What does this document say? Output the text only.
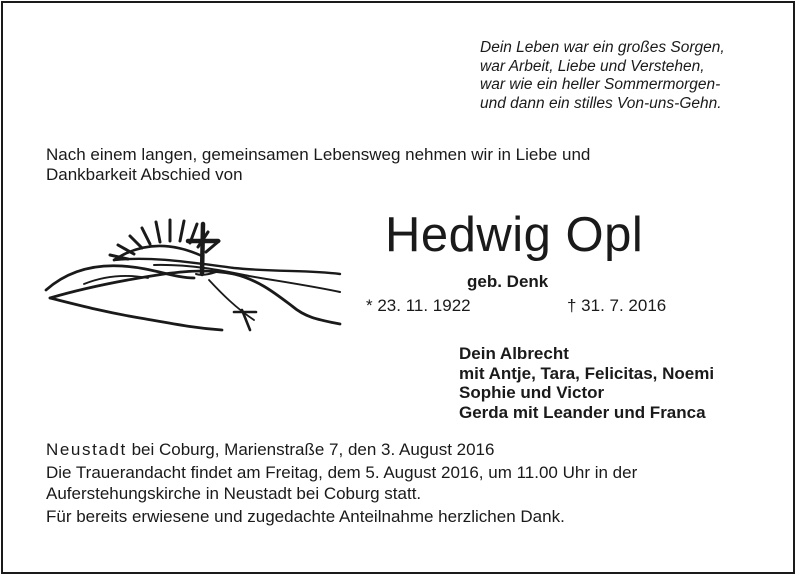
Dein Leben war ein großes Sorgen,
war Arbeit, Liebe und Verstehen,
war wie ein heller Sommermorgen-
und dann ein stilles Von-uns-Gehn.
Nach einem langen, gemeinsamen Lebensweg nehmen wir in Liebe und
Dankbarkeit Abschied von
Hedwig Opl
geb. Denk
* 23. 11. 1922	† 31. 7. 2016
Dein Albrecht
mit Antje, Tara, Felicitas, Noemi
Sophie und Victor
Gerda mit Leander und Franca
Neustadt bei Coburg, Marienstraße 7, den 3. August 2016
Die Trauerandacht findet am Freitag, dem 5. August 2016, um 11.00 Uhr in der
Auferstehungskirche in Neustadt bei Coburg statt.
Für bereits erwiesene und zugedachte Anteilnahme herzlichen Dank.
